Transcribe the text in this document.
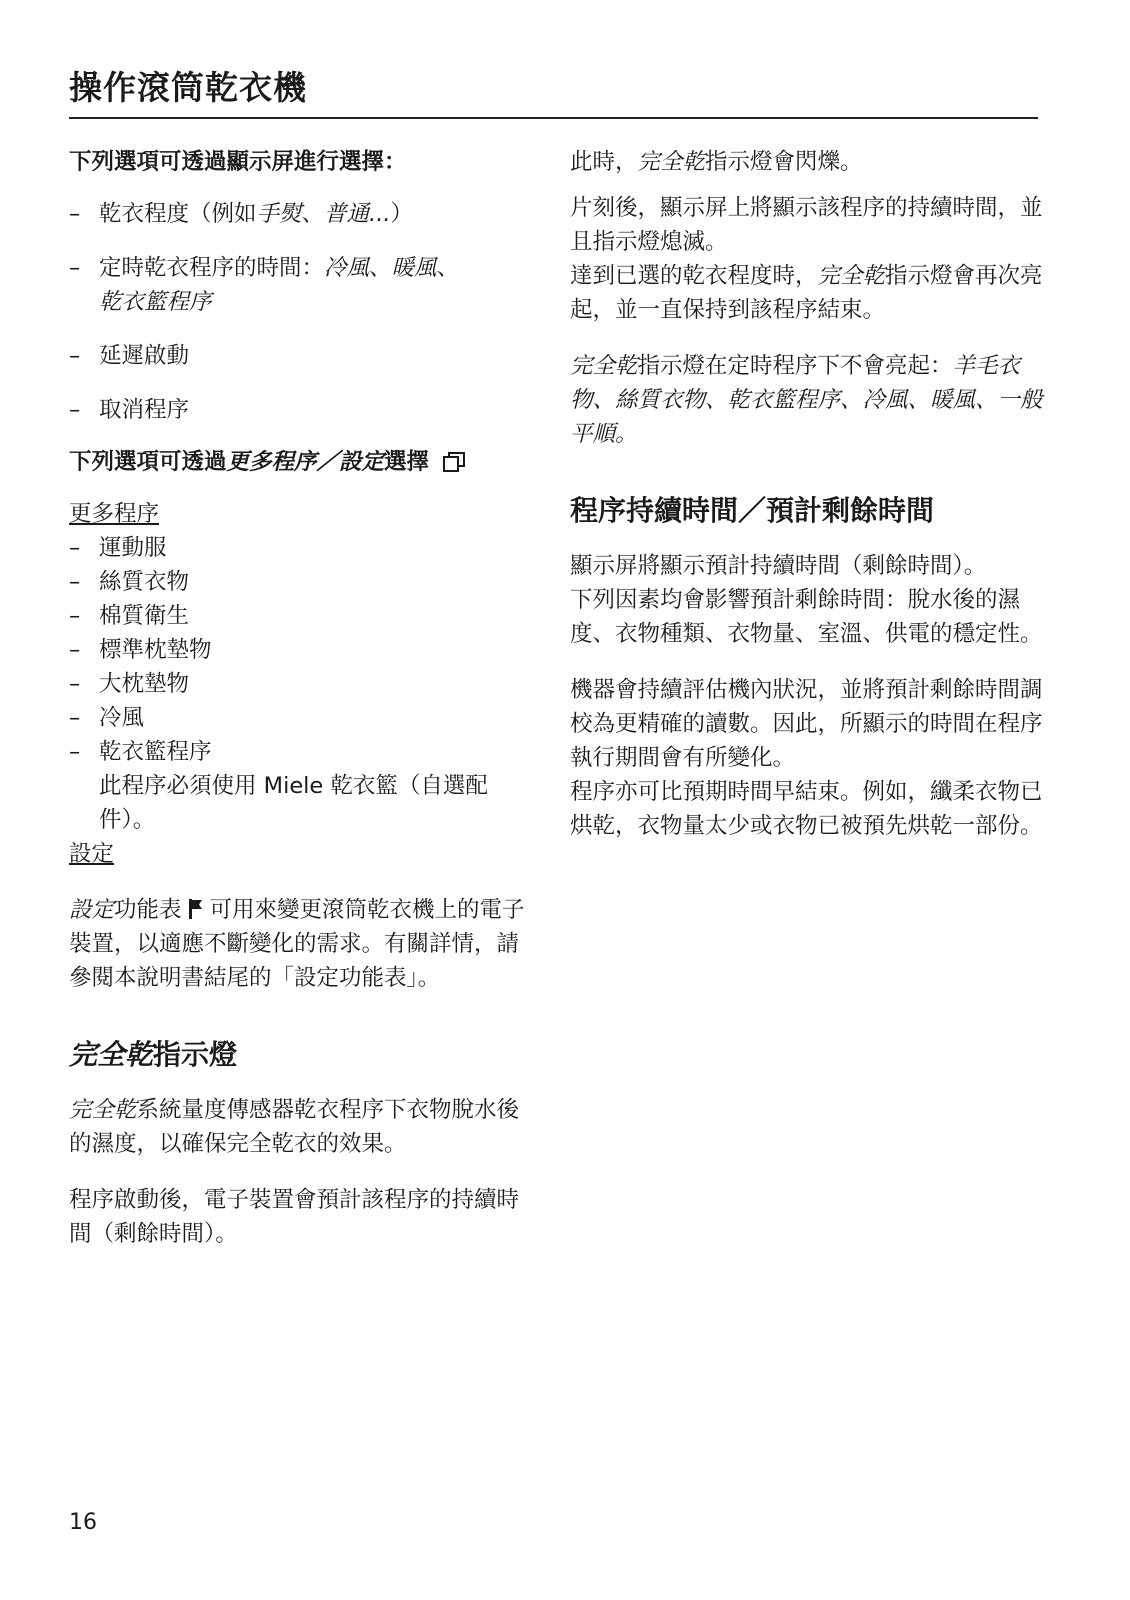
操作滾筒乾衣機

下列選項可透過顯示屏進行選擇：

– 乾衣程度（例如手熨、普通...）
– 定時乾衣程序的時間：冷風、暖風、
乾衣籃程序
– 延遲啟動
– 取消程序

下列選項可透過更多程序／設定選擇

更多程序

– 運動服
– 絲質衣物
– 棉質衛生
– 標準枕墊物
– 大枕墊物
– 冷風
– 乾衣籃程序
此程序必須使用 Miele 乾衣籃（自選配件）。

設定

設定功能表 可用來變更滾筒乾衣機上的電子裝置，以適應不斷變化的需求。有關詳情，請參閱本說明書結尾的「設定功能表」。

完全乾指示燈

完全乾系統量度傳感器乾衣程序下衣物脫水後的濕度，以確保完全乾衣的效果。

程序啟動後，電子裝置會預計該程序的持續時間（剩餘時間）。

此時，完全乾指示燈會閃爍。

片刻後，顯示屏上將顯示該程序的持續時間，並且指示燈熄滅。

達到已選的乾衣程度時，完全乾指示燈會再次亮起，並一直保持到該程序結束。

完全乾指示燈在定時程序下不會亮起：羊毛衣物、絲質衣物、乾衣籃程序、冷風、暖風、一般平順。

程序持續時間／預計剩餘時間

顯示屏將顯示預計持續時間（剩餘時間）。

下列因素均會影響預計剩餘時間：脫水後的濕度、衣物種類、衣物量、室溫、供電的穩定性。

機器會持續評估機內狀況，並將預計剩餘時間調校為更精確的讀數。因此，所顯示的時間在程序執行期間會有所變化。

程序亦可比預期時間早結束。例如，纖柔衣物已烘乾，衣物量太少或衣物已被預先烘乾一部份。

16
